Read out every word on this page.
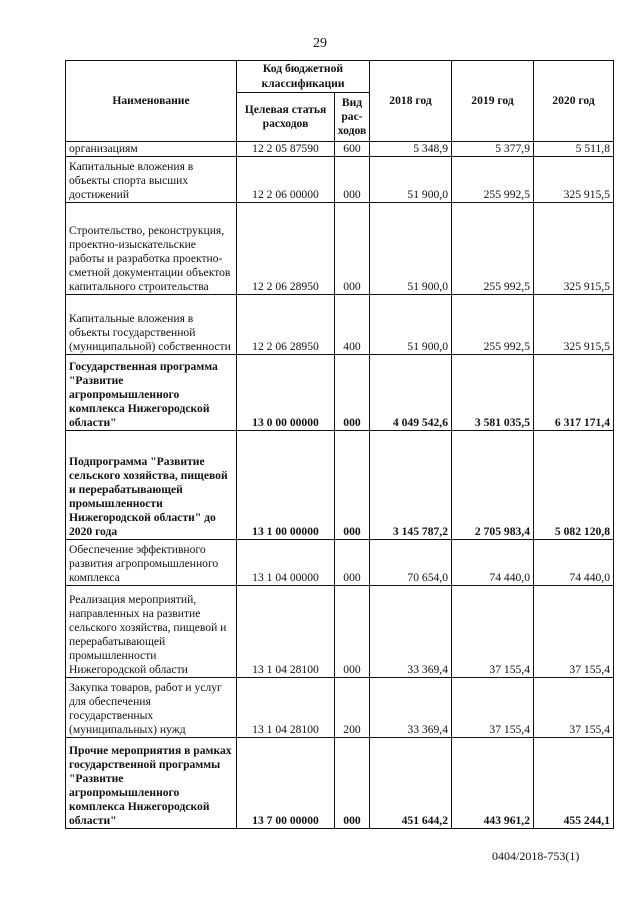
29
Наименование	Код бюджетной классификации		2018 год	2019 год	2020 год
	Целевая статья расходов	Вид рас-ходов			
организациям	12 2 05 87590	600	5 348,9	5 377,9	5 511,8
Капитальные вложения в объекты спорта высших достижений	12 2 06 00000	000	51 900,0	255 992,5	325 915,5
Строительство, реконструкция, проектно-изыскательские работы и разработка проектно-сметной документации объектов капитального строительства	12 2 06 28950	000	51 900,0	255 992,5	325 915,5
Капитальные вложения в объекты государственной (муниципальной) собственности	12 2 06 28950	400	51 900,0	255 992,5	325 915,5
Государственная программа "Развитие агропромышленного комплекса Нижегородской области"	13 0 00 00000	000	4 049 542,6	3 581 035,5	6 317 171,4
Подпрограмма "Развитие сельского хозяйства, пищевой и перерабатывающей промышленности Нижегородской области" до 2020 года	13 1 00 00000	000	3 145 787,2	2 705 983,4	5 082 120,8
Обеспечение эффективного развития агропромышленного комплекса	13 1 04 00000	000	70 654,0	74 440,0	74 440,0
Реализация мероприятий, направленных на развитие сельского хозяйства, пищевой и перерабатывающей промышленности Нижегородской области	13 1 04 28100	000	33 369,4	37 155,4	37 155,4
Закупка товаров, работ и услуг для обеспечения государственных (муниципальных) нужд	13 1 04 28100	200	33 369,4	37 155,4	37 155,4
Прочие мероприятия в рамках государственной программы "Развитие агропромышленного комплекса Нижегородской области"	13 7 00 00000	000	451 644,2	443 961,2	455 244,1
0404/2018-753(1)
